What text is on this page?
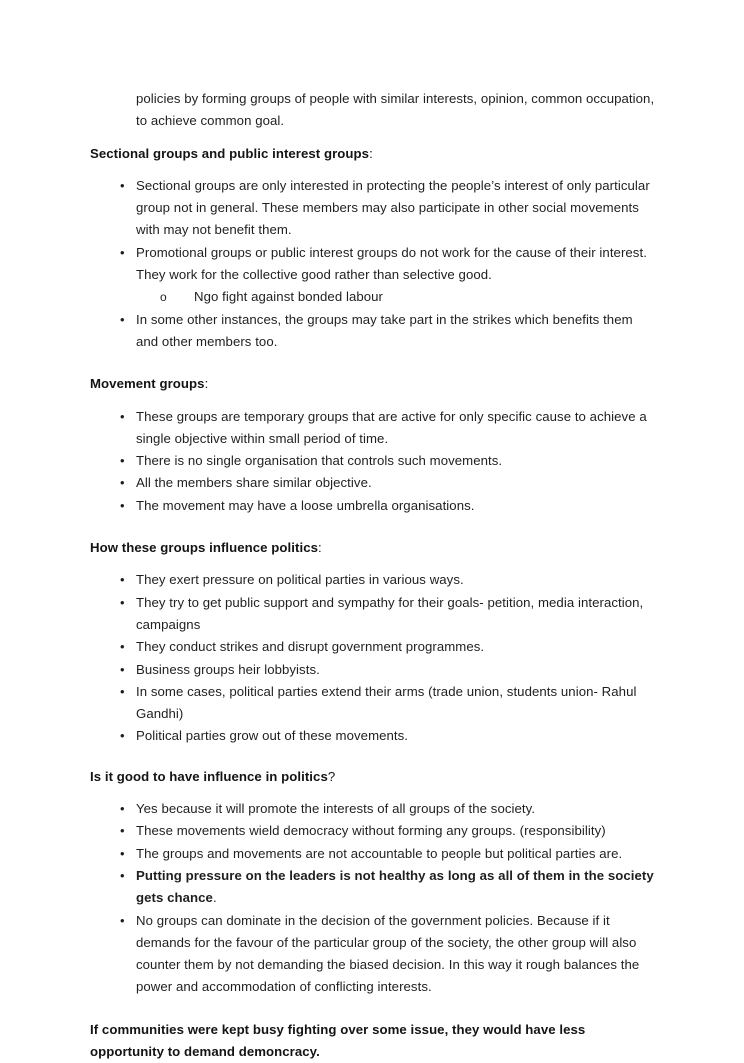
policies by forming groups of people with similar interests, opinion, common occupation, to achieve common goal.

Sectional groups and public interest groups:
• Sectional groups are only interested in protecting the people’s interest of only particular group not in general. These members may also participate in other social movements with may not benefit them.
• Promotional groups or public interest groups do not work for the cause of their interest. They work for the collective good rather than selective good.
o	Ngo fight against bonded labour
• In some other instances, the groups may take part in the strikes which benefits them and other members too.
Movement groups:
• These groups are temporary groups that are active for only specific cause to achieve a single objective within small period of time.
• There is no single organisation that controls such movements.
• All the members share similar objective.
• The movement may have a loose umbrella organisations.
How these groups influence politics:
• They exert pressure on political parties in various ways.
• They try to get public support and sympathy for their goals- petition, media interaction, campaigns
• They conduct strikes and disrupt government programmes.
• Business groups heir lobbyists.
• In some cases, political parties extend their arms (trade union, students union- Rahul Gandhi)
• Political parties grow out of these movements.
Is it good to have influence in politics?
• Yes because it will promote the interests of all groups of the society.
• These movements wield democracy without forming any groups. (responsibility)
• The groups and movements are not accountable to people but political parties are.
• Putting pressure on the leaders is not healthy as long as all of them in the society gets chance.
• No groups can dominate in the decision of the government policies. Because if it demands for the favour of the particular group of the society, the other group will also counter them by not demanding the biased decision. In this way it rough balances the power and accommodation of conflicting interests.

If communities were kept busy fighting over some issue, they would have less opportunity to demand demoncracy.
